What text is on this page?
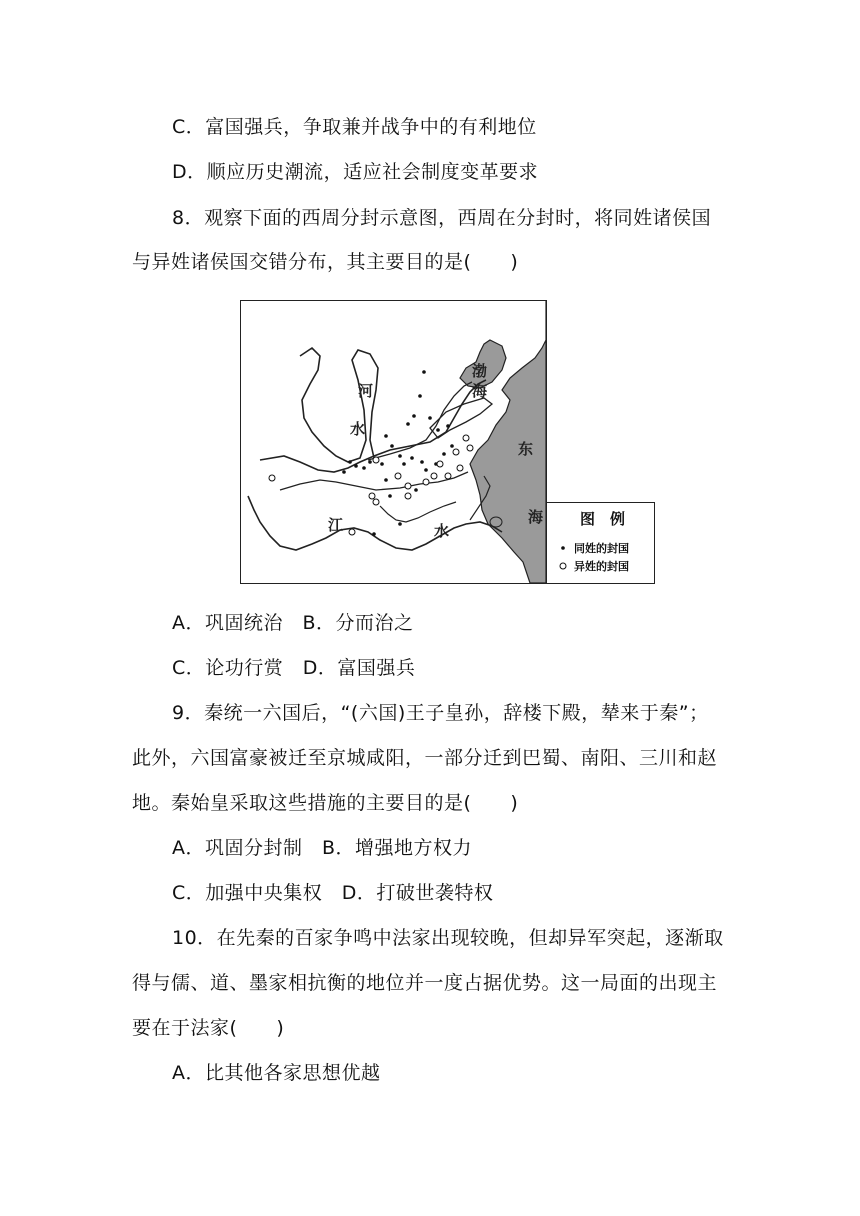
C．富国强兵，争取兼并战争中的有利地位
D．顺应历史潮流，适应社会制度变革要求
8．观察下面的西周分封示意图，西周在分封时，将同姓诸侯国
与异姓诸侯国交错分布，其主要目的是(　　)
河
水
渤
海
东
海
江	水
图　例
同姓的封国
异姓的封国
A．巩固统治　B．分而治之
C．论功行赏　D．富国强兵
9．秦统一六国后，“(六国)王子皇孙，辞楼下殿，辇来于秦”；
此外，六国富豪被迁至京城咸阳，一部分迁到巴蜀、南阳、三川和赵
地。秦始皇采取这些措施的主要目的是(　　)
A．巩固分封制　B．增强地方权力
C．加强中央集权　D．打破世袭特权
10．在先秦的百家争鸣中法家出现较晚，但却异军突起，逐渐取
得与儒、道、墨家相抗衡的地位并一度占据优势。这一局面的出现主
要在于法家(　　)
A．比其他各家思想优越
